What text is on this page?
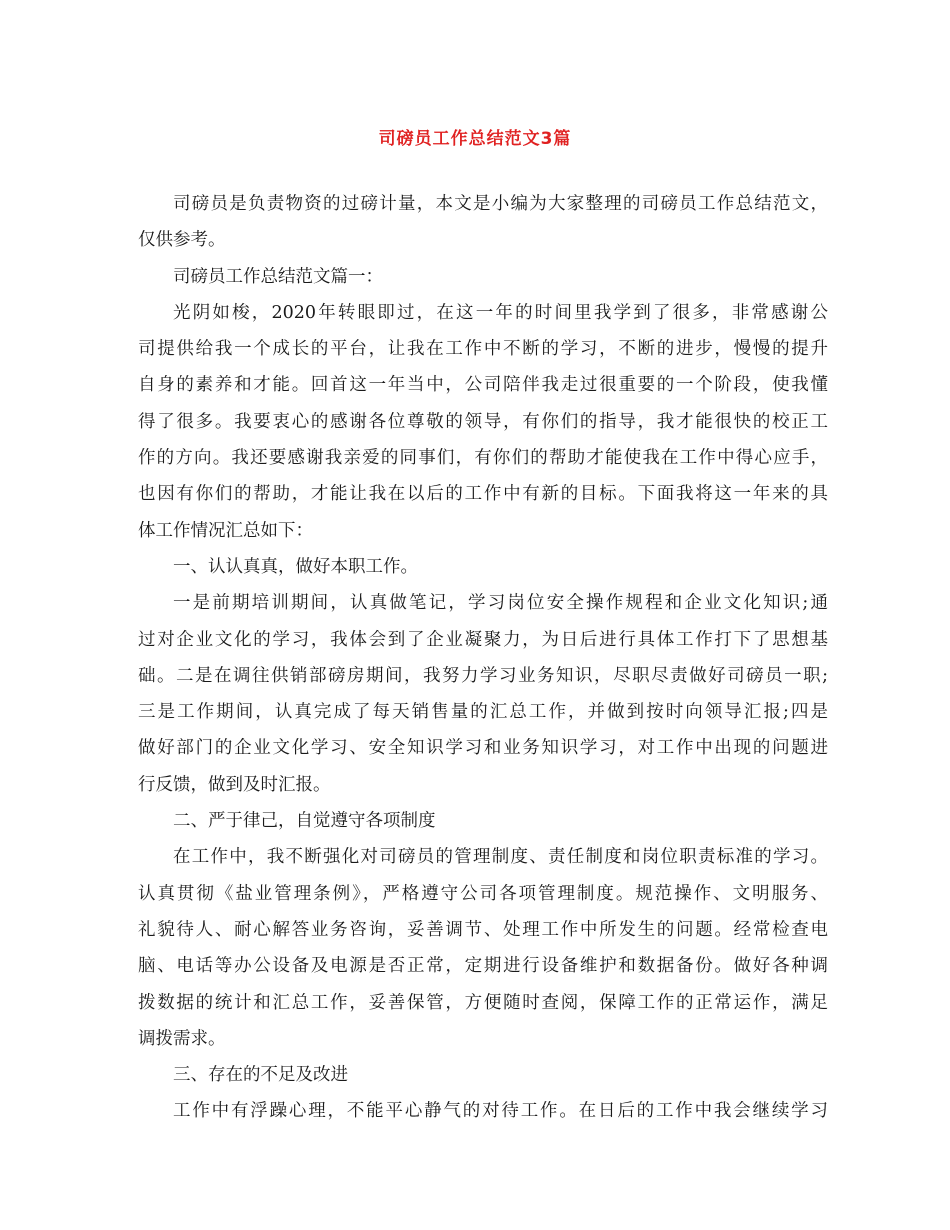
司磅员工作总结范文3篇
司磅员是负责物资的过磅计量，本文是小编为大家整理的司磅员工作总结范文，
仅供参考。
司磅员工作总结范文篇一：
光阴如梭，2020年转眼即过，在这一年的时间里我学到了很多，非常感谢公
司提供给我一个成长的平台，让我在工作中不断的学习，不断的进步，慢慢的提升
自身的素养和才能。回首这一年当中，公司陪伴我走过很重要的一个阶段，使我懂
得了很多。我要衷心的感谢各位尊敬的领导，有你们的指导，我才能很快的校正工
作的方向。我还要感谢我亲爱的同事们，有你们的帮助才能使我在工作中得心应手，
也因有你们的帮助，才能让我在以后的工作中有新的目标。下面我将这一年来的具
体工作情况汇总如下：
一、认认真真，做好本职工作。
一是前期培训期间，认真做笔记，学习岗位安全操作规程和企业文化知识;通
过对企业文化的学习，我体会到了企业凝聚力，为日后进行具体工作打下了思想基
础。二是在调往供销部磅房期间，我努力学习业务知识，尽职尽责做好司磅员一职;
三是工作期间，认真完成了每天销售量的汇总工作，并做到按时向领导汇报;四是
做好部门的企业文化学习、安全知识学习和业务知识学习，对工作中出现的问题进
行反馈，做到及时汇报。
二、严于律己，自觉遵守各项制度
在工作中，我不断强化对司磅员的管理制度、责任制度和岗位职责标准的学习。
认真贯彻《盐业管理条例》，严格遵守公司各项管理制度。规范操作、文明服务、
礼貌待人、耐心解答业务咨询，妥善调节、处理工作中所发生的问题。经常检查电
脑、电话等办公设备及电源是否正常，定期进行设备维护和数据备份。做好各种调
拨数据的统计和汇总工作，妥善保管，方便随时查阅，保障工作的正常运作，满足
调拨需求。
三、存在的不足及改进
工作中有浮躁心理，不能平心静气的对待工作。在日后的工作中我会继续学习
